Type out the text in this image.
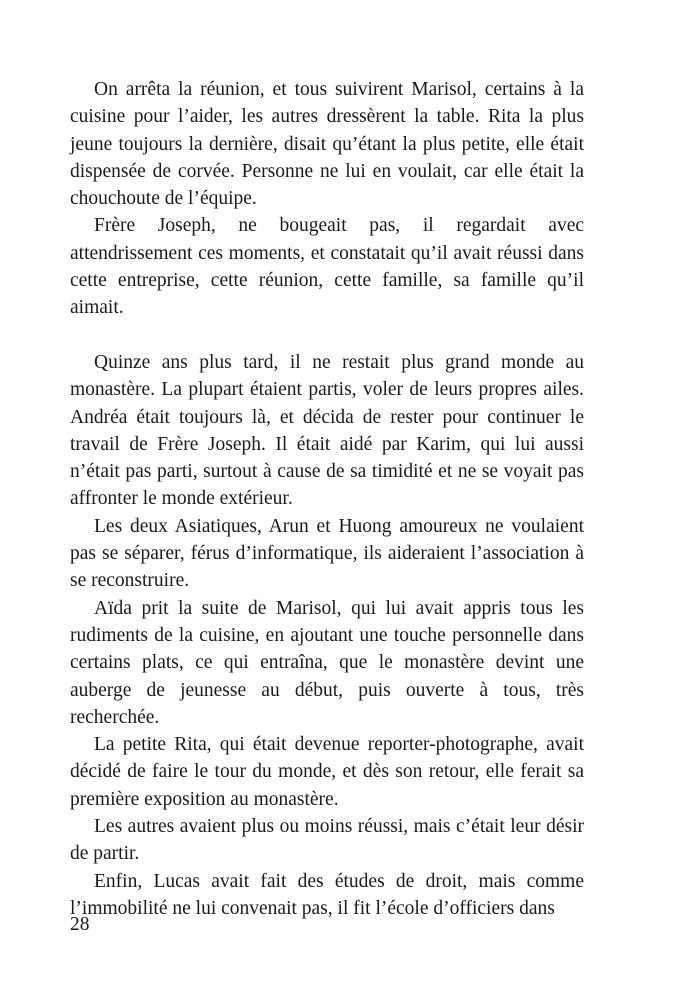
On arrêta la réunion, et tous suivirent Marisol, certains à la cuisine pour l’aider, les autres dressèrent la table. Rita la plus jeune toujours la dernière, disait qu’étant la plus petite, elle était dispensée de corvée. Personne ne lui en voulait, car elle était la chouchoute de l’équipe.

Frère Joseph, ne bougeait pas, il regardait avec attendrissement ces moments, et constatait qu’il avait réussi dans cette entreprise, cette réunion, cette famille, sa famille qu’il aimait.

Quinze ans plus tard, il ne restait plus grand monde au monastère. La plupart étaient partis, voler de leurs propres ailes. Andréa était toujours là, et décida de rester pour continuer le travail de Frère Joseph. Il était aidé par Karim, qui lui aussi n’était pas parti, surtout à cause de sa timidité et ne se voyait pas affronter le monde extérieur.

Les deux Asiatiques, Arun et Huong amoureux ne voulaient pas se séparer, férus d’informatique, ils aideraient l’association à se reconstruire.

Aïda prit la suite de Marisol, qui lui avait appris tous les rudiments de la cuisine, en ajoutant une touche personnelle dans certains plats, ce qui entraîna, que le monastère devint une auberge de jeunesse au début, puis ouverte à tous, très recherchée.

La petite Rita, qui était devenue reporter-photographe, avait décidé de faire le tour du monde, et dès son retour, elle ferait sa première exposition au monastère.

Les autres avaient plus ou moins réussi, mais c’était leur désir de partir.

Enfin, Lucas avait fait des études de droit, mais comme l’immobilité ne lui convenait pas, il fit l’école d’officiers dans

28
